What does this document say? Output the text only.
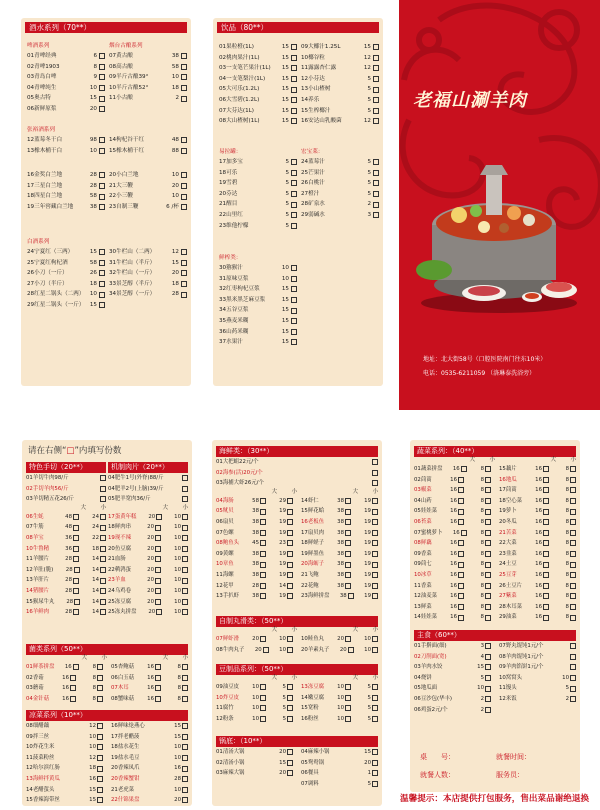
酒水系列（70**）
啤酒系列
01青啤经典	6
02青啤1903	8
03青岛白啤	9
04青啤纯生	10
05奥古特	15
06新鲜原浆	20
烟台古酿系列
07黄古酿	38
08高古酿	58
09半斤古酿39°	10
10半斤古酿52°	18
11小古酿	2
张裕酒系列
12蓝莓冬干白	98
13橡木桶干白	10
16金奖白兰地	28
17三星白兰地	28
18四星白兰地	58
19三年窖藏白兰地	38
14枸杞谷干红	48
15橡木桶干红	88
20小白兰地	10
21大三鞭	20
22小三鞭	10
23自制三鞭	6 /杯
白酒系列
24宁夏红（三两）	15
25宁夏红枸杞酒	58
26小刀（一斤）	26
27小刀（半斤）	18
28红星二锅头（二两） 10
29红星二锅头（一斤） 15
30牛栏山（二两）	12
31牛栏山（半斤）	15
32牛栏山（一斤）	20
33景芝醇（半斤）	18
34景芝醇（一斤）	28
饮品（80**）
01果粒橙(1L)	15
02桃肉果汁(1L)	15
03一支笔芒果汁(1L)	15
04一支笔梨汁(1L)	15
05大可乐(1.2L)	15
06大雪碧(1.2L)	15
07大芬达(1L)	15
08大山楂树(1L)	15
09大椰汁1.25L	15
10椰谷粒	12
11露露杏仁露	12
12小芬达	5
13小山楂树	5
14养乐	5
15生榨椰汁	5
16安达山乳酸菌	12
易拉罐：
17加多宝	5
18可乐	5
19雪碧	5
20芬达	5
21醒目	5
22山里红	5
23维他柠檬	5
宏宝莱：
24蓝莓汁	5
25芒果汁	5
26白桃汁	5
27橙汁	5
28矿泉水	2
29弱碱水	3
鲜榨类：
30猕猴汁	10
31原味豆浆	10
32红枣枸杞豆浆	15
33黑米黑芝麻豆浆	15
34五谷豆浆	15
35燕麦米糊	15
36山药米糊	15
37水果汁	15
老福山涮羊肉
地址：北大街58号（口腔医院南门往东10米）
电话：0535-6211059 （洛琳泰洗浴旁）
请在右侧“□”内填写份数
特色手切（20**）
01羊切牛肉98/斤
02手切羊肉56/斤
03羊切精五花26/斤
大	小
06生蚝	48	24
07牛筋	48	24
08羊宝	36	22
10牛鲁精	36	18
11羊腰片	28	14
12羊肚(脆)	28	14
13羊肝片	28	14
14猪腰片	28	14
15猴尿牛丸	28	14
16羊鲜肉	28	14
机制肉片（20**）
04肥牛1号(外脊)88/斤
04肥羊2号(上脑)39/斤
05肥羊宽肉36/斤
大	小
17蛋黄年糕	20	10
18鲜肉串	20	10
19现不辣	20	10
20鱼豆腐	20	10
21血肠	20	10
22鹌鹑蛋	20	10
23羊血	20	10
24乌鸡卷	20	10
25冻豆腐	20	10
25冻丸拼盘	20	10
菌类系列（50**）
大	小	大	小
01鲜茶拼盘	16	8
02香菇	16	8
03蘑菇	16	8
04金针菇	16	8
05杏鲍菇	16	8
06白玉菇	16	8
07木耳	16	8
08蟹味菇	16	8
凉菜系列（10**）
08细醋藕	12
09拌三丝	10
10炸花生米	10
11菠菜粉丝	12
12哈尔滨红肠	18
13海鲜拌黄瓜	16
14老醋蜇头	15
15香辣海带丝	15
16鲜味炝燕心	15
17拌老醋菠	15
18盐水花生	10
19盐水毛豆	10
20香辣凤爪	16
20香辣蟹钳	28
21老虎菜	10
22什锦果盘	20
海鲜类：（30**）
01大把蛆22元/个
02海参(活)20元/个
03海捕大虾26元/个
大	小	大	小
04海肠	58	29
05鱿贝	38	19
06扇贝	38	19
07色螺	38	19
08鲍鱼头	45	23
09黄螺	38	19
10章鱼	38	19
11海螺	38	19
12花甲	28	14
13手扒虾	38	19
14虾仁	38	19
15鲜花蛤	38	19
16老板鱼	38	19
17扇贝肉	38	19
18鲜蛏子	38	19
19鲜墨鱼	38	19
20海蛎子	38	19
21飞鲍	38	19
22花鲍	38	19
23海鲜拼盘	38	19
自制丸滑类：（50**）
大	小	大	小
07鲜虾滑	20	10
08牛肉丸子	20	10
10鲑鱼丸	20	10
20羊素丸子	20	10
豆制品系列：（50**）
大	小	大	小
09油豆皮	10	5
10炸豆皮	10	5
11腐竹	10	5
12粉条	10	5
13冻豆腐	10	5
14嫩豆腐	10	5
15宽粉	10	5
16粉丝	10	5
锅底：（10**）
01清汤大锅	20
02清汤小锅	15
03麻辣大锅	20
04麻辣小锅	15
05鸳鸯锅	20
06餐具	1
07调料	5
蔬菜系列：（40**）
大	小	大	小
01蔬菜拼盘	16	8
02茼蒿	16	8
03椒菜	16	8
04山药	16	8
05娃娃菜	16	8
06苔菜	16	8
07蜜桃萝卜	16	8
08鲜藕	16	8
09香菜	16	8
09茼七	16	8
10冰草	16	8
11香菜	16	8
12油麦菜	16	8
13鲜菜	16	8
14娃娃菜	16	8
15藕片	16	8
16地瓜	16	8
17茼蒿	16	8
18空心菜	16	8
19萝卜	16	8
20冬瓜	16	8
21苦菜	16	8
22大菜	16	8
23韭菜	16	8
24土豆	16	8
25豆芽	16	8
26土豆片	16	8
27紫菜	16	8
28木耳菜	16	8
29油菜	16	8
主食（60**）
01手擀面(细)	3
02刀削面(宽)	4
03羊肉水饺	15
04烧饼	5
05地瓜面	10
06豆沙包(华丰)	2
06鸡蛋2元/个	2
07野丸馄饨1元/个
08羊肉馄饨1元/个
09羊肉馅饼1元/个
10窝窝头	10
11馒头	5
12米饭	2
桌　　号：	就餐时间：
就餐人数：	服务员：
温馨提示：本店提供打包服务，售出菜品谢绝退换
